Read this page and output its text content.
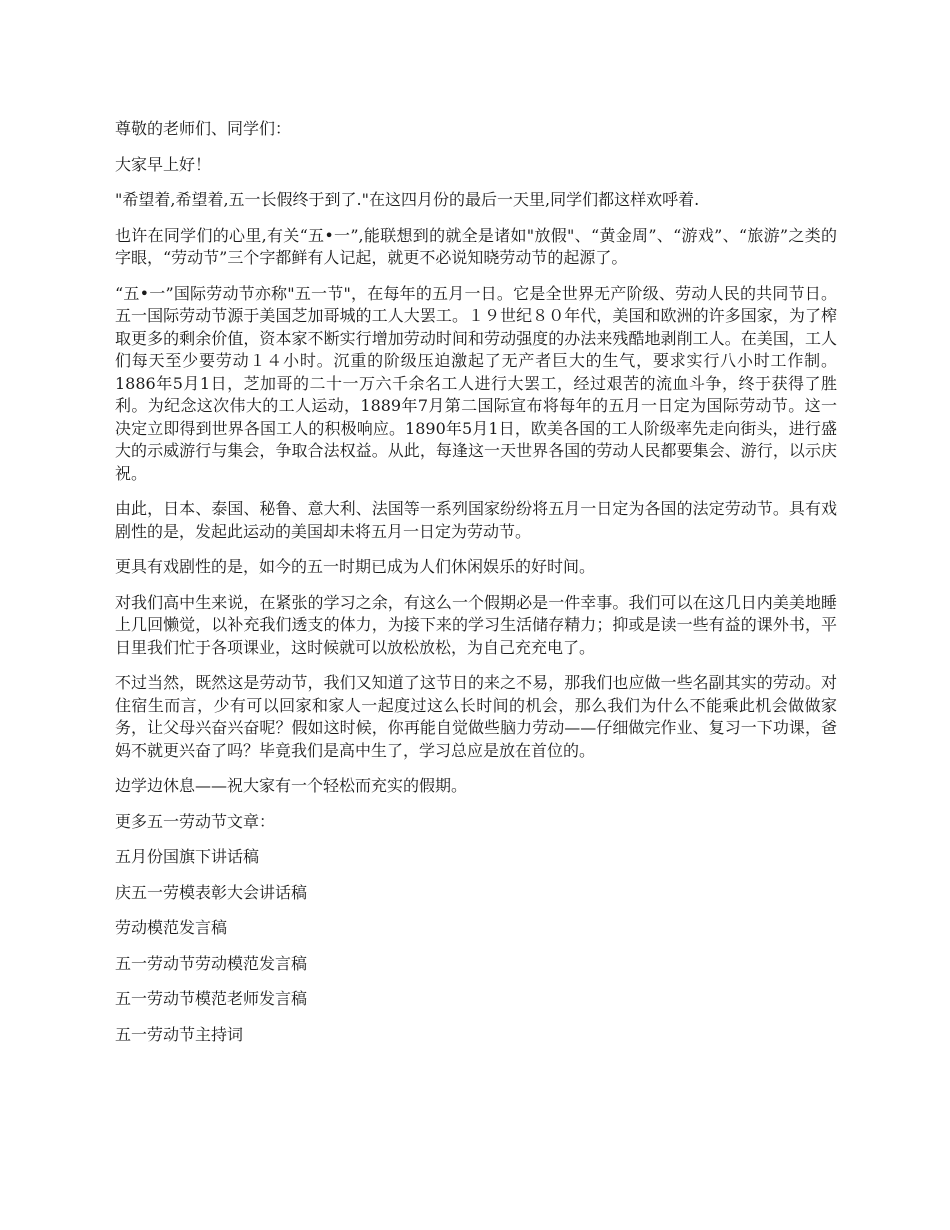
尊敬的老师们、同学们：

大家早上好！

"希望着,希望着,五一长假终于到了."在这四月份的最后一天里,同学们都这样欢呼着.

也许在同学们的心里,有关“五•一”,能联想到的就全是诸如"放假"、“黄金周”、“游戏”、“旅游”之类的字眼，“劳动节”三个字都鲜有人记起，就更不必说知晓劳动节的起源了。

“五•一”国际劳动节亦称"五一节"，在每年的五月一日。它是全世界无产阶级、劳动人民的共同节日。五一国际劳动节源于美国芝加哥城的工人大罢工。１９世纪８０年代，美国和欧洲的许多国家，为了榨取更多的剩余价值，资本家不断实行增加劳动时间和劳动强度的办法来残酷地剥削工人。在美国，工人们每天至少要劳动１４小时。沉重的阶级压迫激起了无产者巨大的生气，要求实行八小时工作制。1886年5月1日，芝加哥的二十一万六千余名工人进行大罢工，经过艰苦的流血斗争，终于获得了胜利。为纪念这次伟大的工人运动，1889年7月第二国际宣布将每年的五月一日定为国际劳动节。这一决定立即得到世界各国工人的积极响应。1890年5月1日，欧美各国的工人阶级率先走向街头，进行盛大的示威游行与集会，争取合法权益。从此，每逢这一天世界各国的劳动人民都要集会、游行，以示庆祝。

由此，日本、泰国、秘鲁、意大利、法国等一系列国家纷纷将五月一日定为各国的法定劳动节。具有戏剧性的是，发起此运动的美国却未将五月一日定为劳动节。

更具有戏剧性的是，如今的五一时期已成为人们休闲娱乐的好时间。

对我们高中生来说，在紧张的学习之余，有这么一个假期必是一件幸事。我们可以在这几日内美美地睡上几回懒觉，以补充我们透支的体力，为接下来的学习生活储存精力；抑或是读一些有益的课外书，平日里我们忙于各项课业，这时候就可以放松放松，为自己充充电了。

不过当然，既然这是劳动节，我们又知道了这节日的来之不易，那我们也应做一些名副其实的劳动。对住宿生而言，少有可以回家和家人一起度过这么长时间的机会，那么我们为什么不能乘此机会做做家务，让父母兴奋兴奋呢？假如这时候，你再能自觉做些脑力劳动——仔细做完作业、复习一下功课，爸妈不就更兴奋了吗？毕竟我们是高中生了，学习总应是放在首位的。

边学边休息——祝大家有一个轻松而充实的假期。

更多五一劳动节文章：

五月份国旗下讲话稿
庆五一劳模表彰大会讲话稿
劳动模范发言稿
五一劳动节劳动模范发言稿
五一劳动节模范老师发言稿
五一劳动节主持词
